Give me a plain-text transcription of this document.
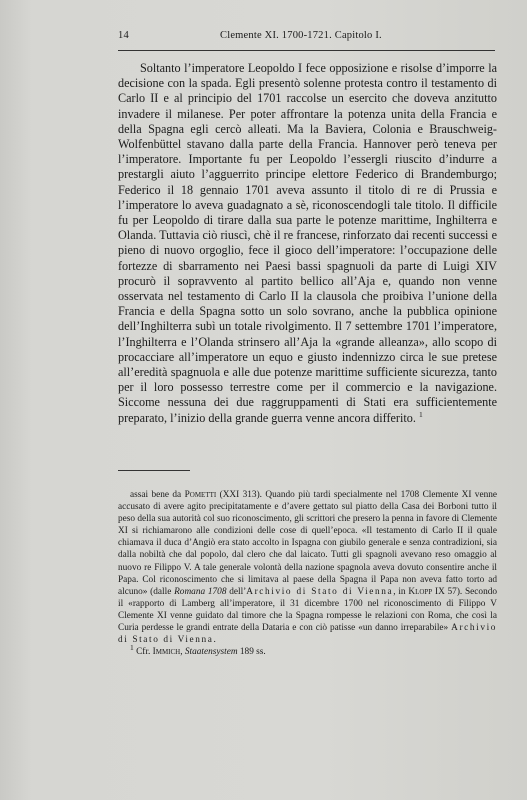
14	Clemente XI. 1700-1721. Capitolo I.

Soltanto l’imperatore Leopoldo I fece opposizione e risolse d’imporre la decisione con la spada. Egli presentò solenne protesta contro il testamento di Carlo II e al principio del 1701 raccolse un esercito che doveva anzitutto invadere il milanese. Per poter affrontare la potenza unita della Francia e della Spagna egli cercò alleati. Ma la Baviera, Colonia e Brauschweig-Wolfenbüttel stavano dalla parte della Francia. Hannover però teneva per l’imperatore. Importante fu per Leopoldo l’essergli riuscito d’indurre a prestargli aiuto l’agguerrito principe elettore Federico di Brandemburgo; Federico il 18 gennaio 1701 aveva assunto il titolo di re di Prussia e l’imperatore lo aveva guadagnato a sè, riconoscendogli tale titolo. Il difficile fu per Leopoldo di tirare dalla sua parte le potenze marittime, Inghilterra e Olanda. Tuttavia ciò riuscì, chè il re francese, rinforzato dai recenti successi e pieno di nuovo orgoglio, fece il gioco dell’imperatore: l’occupazione delle fortezze di sbarramento nei Paesi bassi spagnuoli da parte di Luigi XIV procurò il sopravvento al partito bellico all’Aja e, quando non venne osservata nel testamento di Carlo II la clausola che proibiva l’unione della Francia e della Spagna sotto un solo sovrano, anche la pubblica opinione dell’Inghilterra subì un totale rivolgimento. Il 7 settembre 1701 l’imperatore, l’Inghilterra e l’Olanda strinsero all’Aja la «grande alleanza», allo scopo di procacciare all’imperatore un equo e giusto indennizzo circa le sue pretese all’eredità spagnuola e alle due potenze marittime sufficiente sicurezza, tanto per il loro possesso terrestre come per il commercio e la navigazione. Siccome nessuna dei due raggruppamenti di Stati era sufficientemente preparato, l’inizio della grande guerra venne ancora differito. $^1$

assai bene da Pometti (XXI 313). Quando più tardi specialmente nel 1708 Clemente XI venne accusato di avere agito precipitatamente e d’avere gettato sul piatto della Casa dei Borboni tutto il peso della sua autorità col suo riconoscimento, gli scrittori che presero la penna in favore di Clemente XI si richiamarono alle condizioni delle cose di quell’epoca. «Il testamento di Carlo II il quale chiamava il duca d’Angiò era stato accolto in Ispagna con giubilo generale e senza contradizioni, sia dalla nobiltà che dal popolo, dal clero che dal laicato. Tutti gli spagnoli avevano reso omaggio al nuovo re Filippo V. A tale generale volontà della nazione spagnola aveva dovuto consentire anche il Papa. Col riconoscimento che si limitava al paese della Spagna il Papa non aveva fatto torto ad alcuno» (dalle Romana 1708 dell’Archivio di Stato di Vienna, in Klopp IX 57). Secondo il «rapporto di Lamberg all’imperatore, il 31 dicembre 1700 nel riconoscimento di Filippo V Clemente XI venne guidato dal timore che la Spagna rompesse le relazioni con Roma, che così la Curia perdesse le grandi entrate della Dataria e con ciò patisse «un danno irreparabile» Archivio di Stato di Vienna.

$^1$ Cfr. Immich, Staatensystem 189 ss.
